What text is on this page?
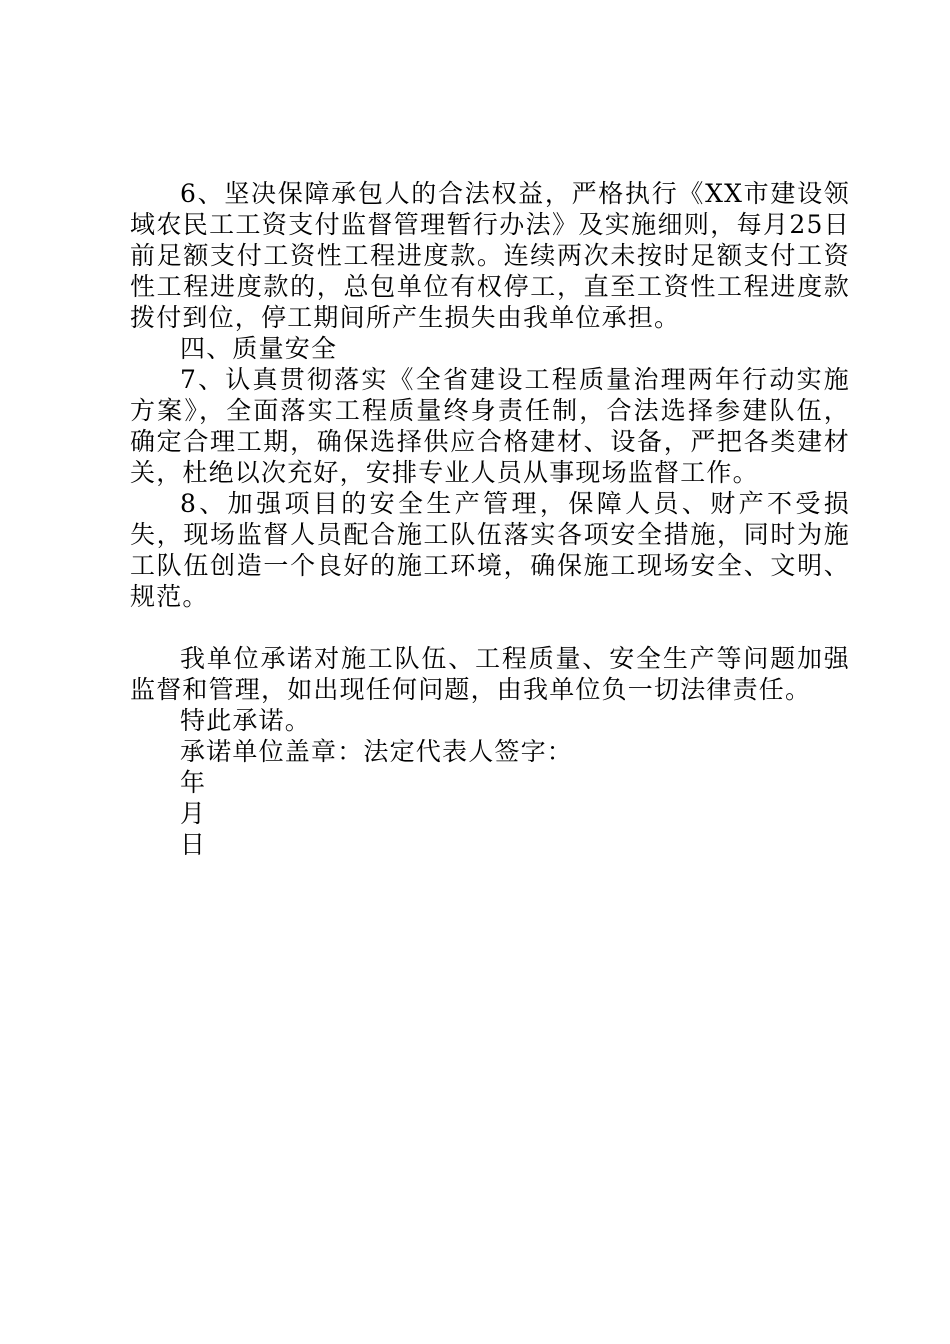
6、坚决保障承包人的合法权益，严格执行《XX市建设领域农民工工资支付监督管理暂行办法》及实施细则，每月25日前足额支付工资性工程进度款。连续两次未按时足额支付工资性工程进度款的，总包单位有权停工，直至工资性工程进度款拨付到位，停工期间所产生损失由我单位承担。

四、质量安全

7、认真贯彻落实《全省建设工程质量治理两年行动实施方案》，全面落实工程质量终身责任制，合法选择参建队伍，确定合理工期，确保选择供应合格建材、设备，严把各类建材关，杜绝以次充好，安排专业人员从事现场监督工作。

8、加强项目的安全生产管理，保障人员、财产不受损失，现场监督人员配合施工队伍落实各项安全措施，同时为施工队伍创造一个良好的施工环境，确保施工现场安全、文明、规范。

我单位承诺对施工队伍、工程质量、安全生产等问题加强监督和管理，如出现任何问题，由我单位负一切法律责任。

特此承诺。

承诺单位盖章：法定代表人签字：

年

月

日
